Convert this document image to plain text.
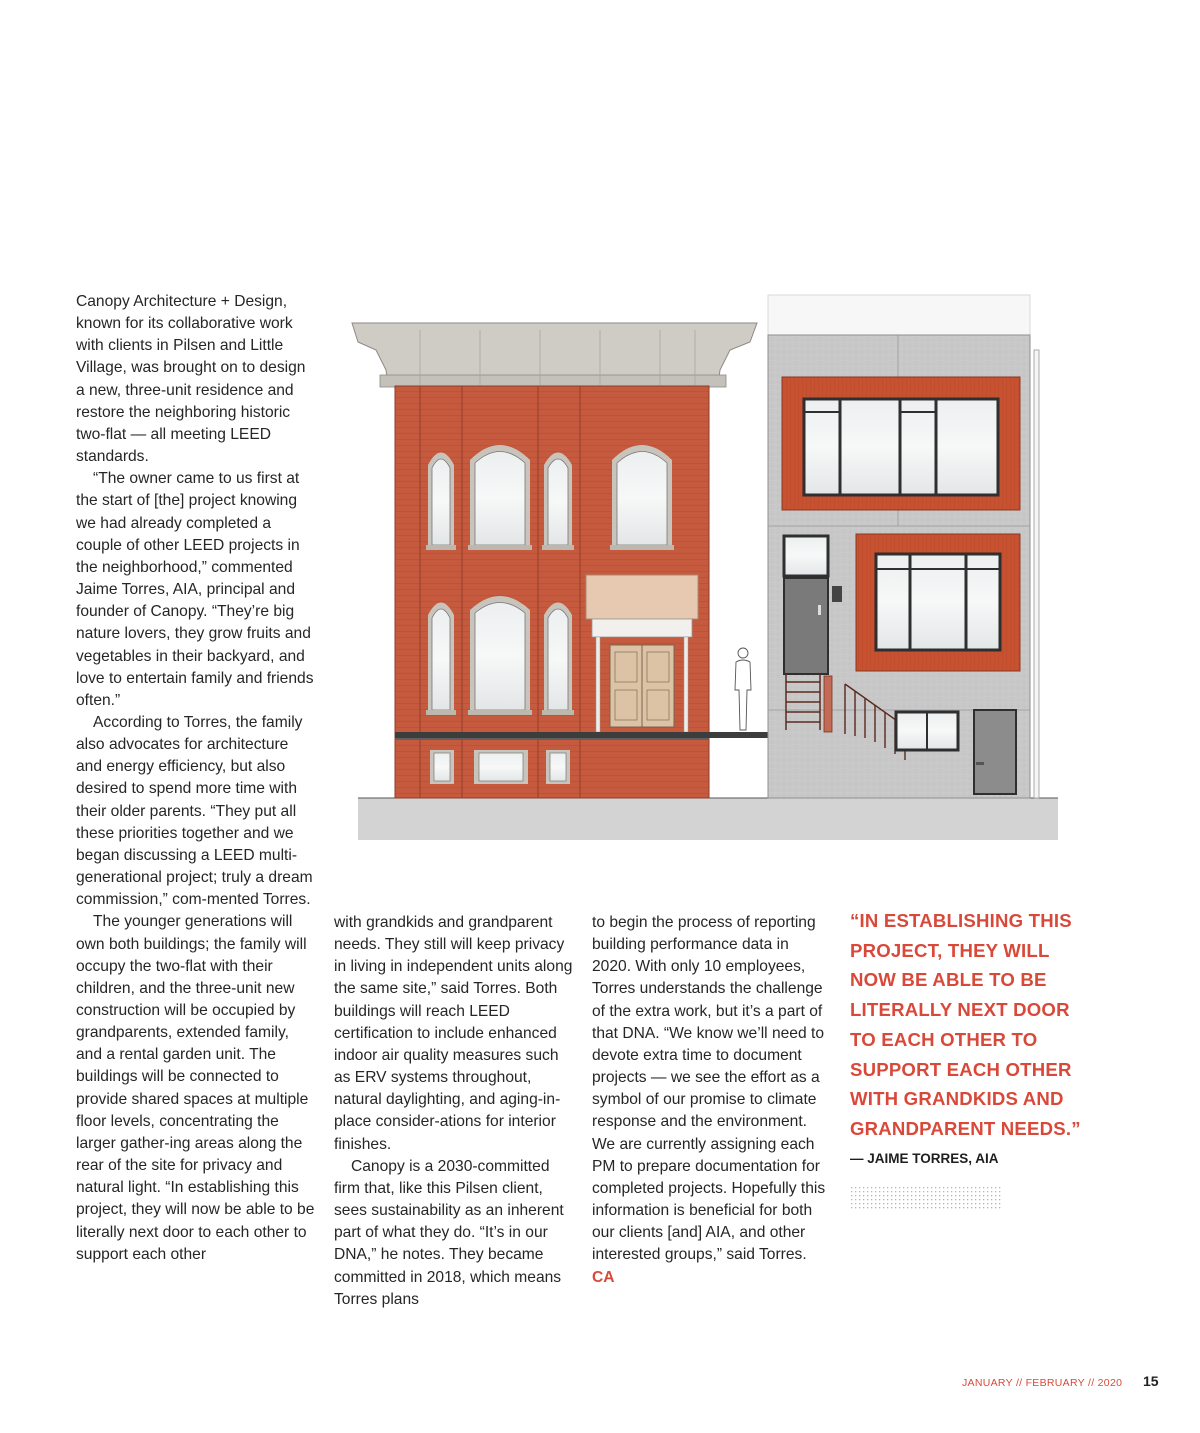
Canopy Architecture + Design, known for its collaborative work with clients in Pilsen and Little Village, was brought on to design a new, three-unit residence and restore the neighboring historic two-flat — all meeting LEED standards.

“The owner came to us first at the start of [the] project knowing we had already completed a couple of other LEED projects in the neighborhood,” commented Jaime Torres, AIA, principal and founder of Canopy. “They’re big nature lovers, they grow fruits and vegetables in their backyard, and love to entertain family and friends often.”

According to Torres, the family also advocates for architecture and energy efficiency, but also desired to spend more time with their older parents. “They put all these priorities together and we began discussing a LEED multi-generational project; truly a dream commission,” com-mented Torres.

The younger generations will own both buildings; the family will occupy the two-flat with their children, and the three-unit new construction will be occupied by grandparents, extended family, and a rental garden unit. The buildings will be connected to provide shared spaces at multiple floor levels, concentrating the larger gather-ing areas along the rear of the site for privacy and natural light. “In establishing this project, they will now be able to be literally next door to each other to support each other

with grandkids and grandparent needs. They still will keep privacy in living in independent units along the same site,” said Torres. Both buildings will reach LEED certification to include enhanced indoor air quality measures such as ERV systems throughout, natural daylighting, and aging-in-place consider-ations for interior finishes.

Canopy is a 2030-committed firm that, like this Pilsen client, sees sustainability as an inherent part of what they do. “It’s in our DNA,” he notes. They became committed in 2018, which means Torres plans

to begin the process of reporting building performance data in 2020. With only 10 employees, Torres understands the challenge of the extra work, but it’s a part of that DNA. “We know we’ll need to devote extra time to document projects — we see the effort as a symbol of our promise to climate response and the environment. We are currently assigning each PM to prepare documentation for completed projects. Hopefully this information is beneficial for both our clients [and] AIA, and other interested groups,” said Torres. CA

“IN ESTABLISHING THIS
PROJECT, THEY WILL
NOW BE ABLE TO BE
LITERALLY NEXT DOOR
TO EACH OTHER TO
SUPPORT EACH OTHER
WITH GRANDKIDS AND
GRANDPARENT NEEDS.”
— JAIME TORRES, AIA
JANUARY // FEBRUARY // 2020 15
